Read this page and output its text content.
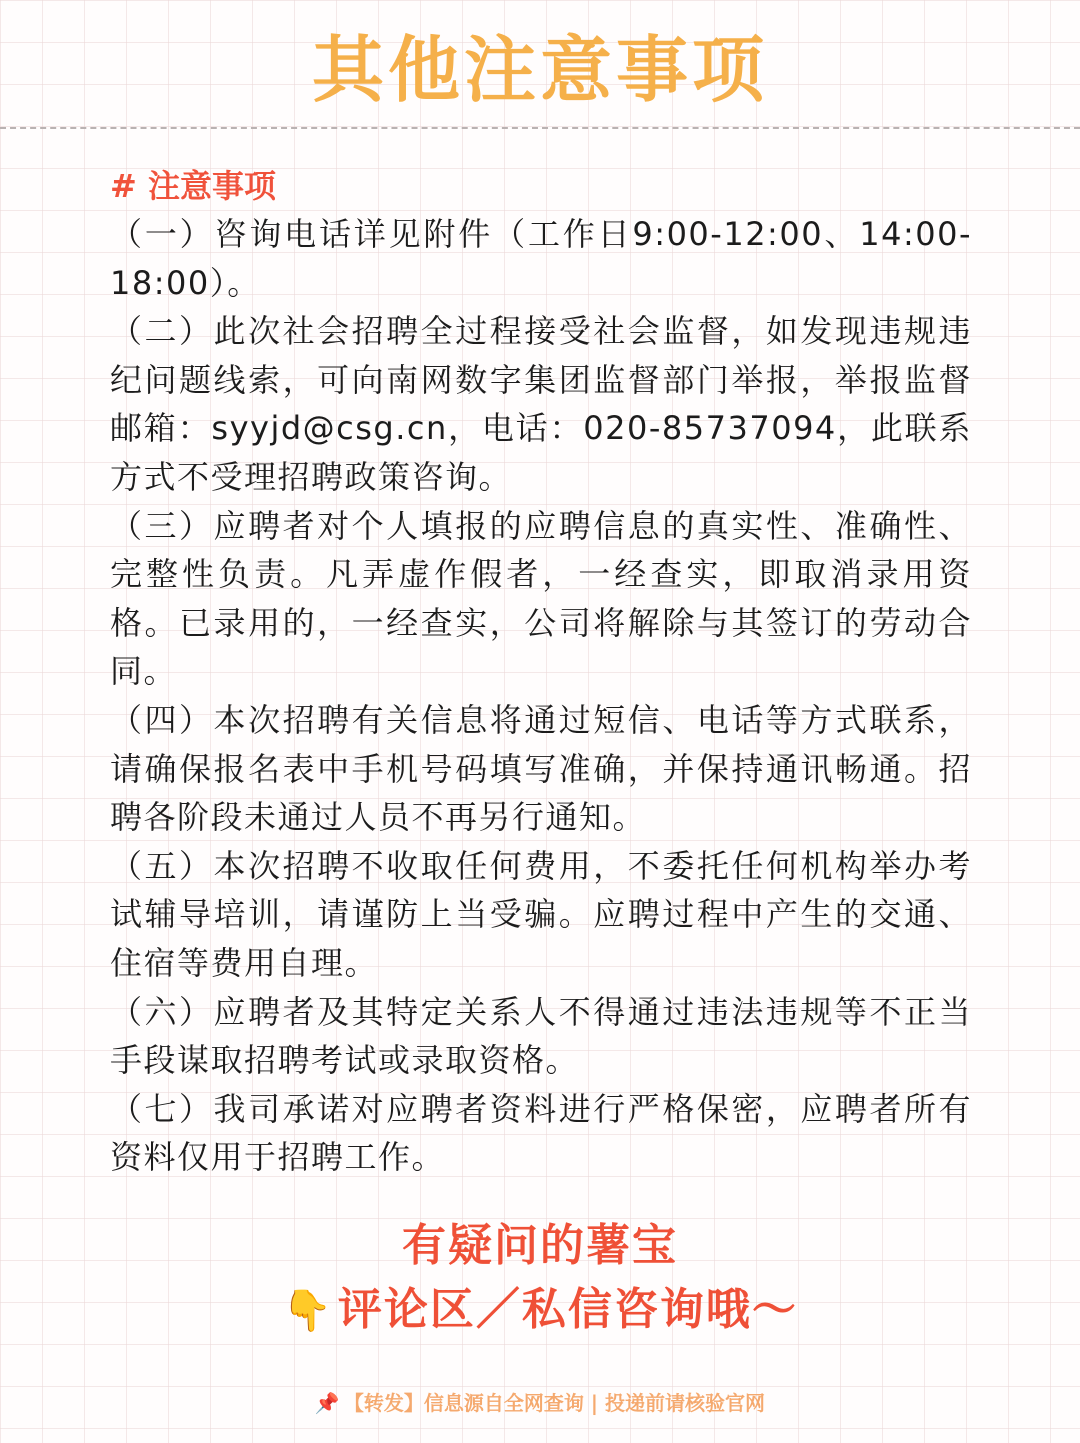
其他注意事项
# 注意事项

（一）咨询电话详见附件（工作日9:00-12:00、14:00-18:00）。

（二）此次社会招聘全过程接受社会监督，如发现违规违纪问题线索，可向南网数字集团监督部门举报，举报监督邮箱：syyjd@csg.cn，电话：020-85737094，此联系方式不受理招聘政策咨询。

（三）应聘者对个人填报的应聘信息的真实性、准确性、完整性负责。凡弄虚作假者，一经查实，即取消录用资格。已录用的，一经查实，公司将解除与其签订的劳动合同。

（四）本次招聘有关信息将通过短信、电话等方式联系，请确保报名表中手机号码填写准确，并保持通讯畅通。招聘各阶段未通过人员不再另行通知。

（五）本次招聘不收取任何费用，不委托任何机构举办考试辅导培训，请谨防上当受骗。应聘过程中产生的交通、住宿等费用自理。

（六）应聘者及其特定关系人不得通过违法违规等不正当手段谋取招聘考试或录取资格。

（七）我司承诺对应聘者资料进行严格保密，应聘者所有资料仅用于招聘工作。

有疑问的薯宝
👇评论区／私信咨询哦～
📌 【转发】信息源自全网查询 | 投递前请核验官网
